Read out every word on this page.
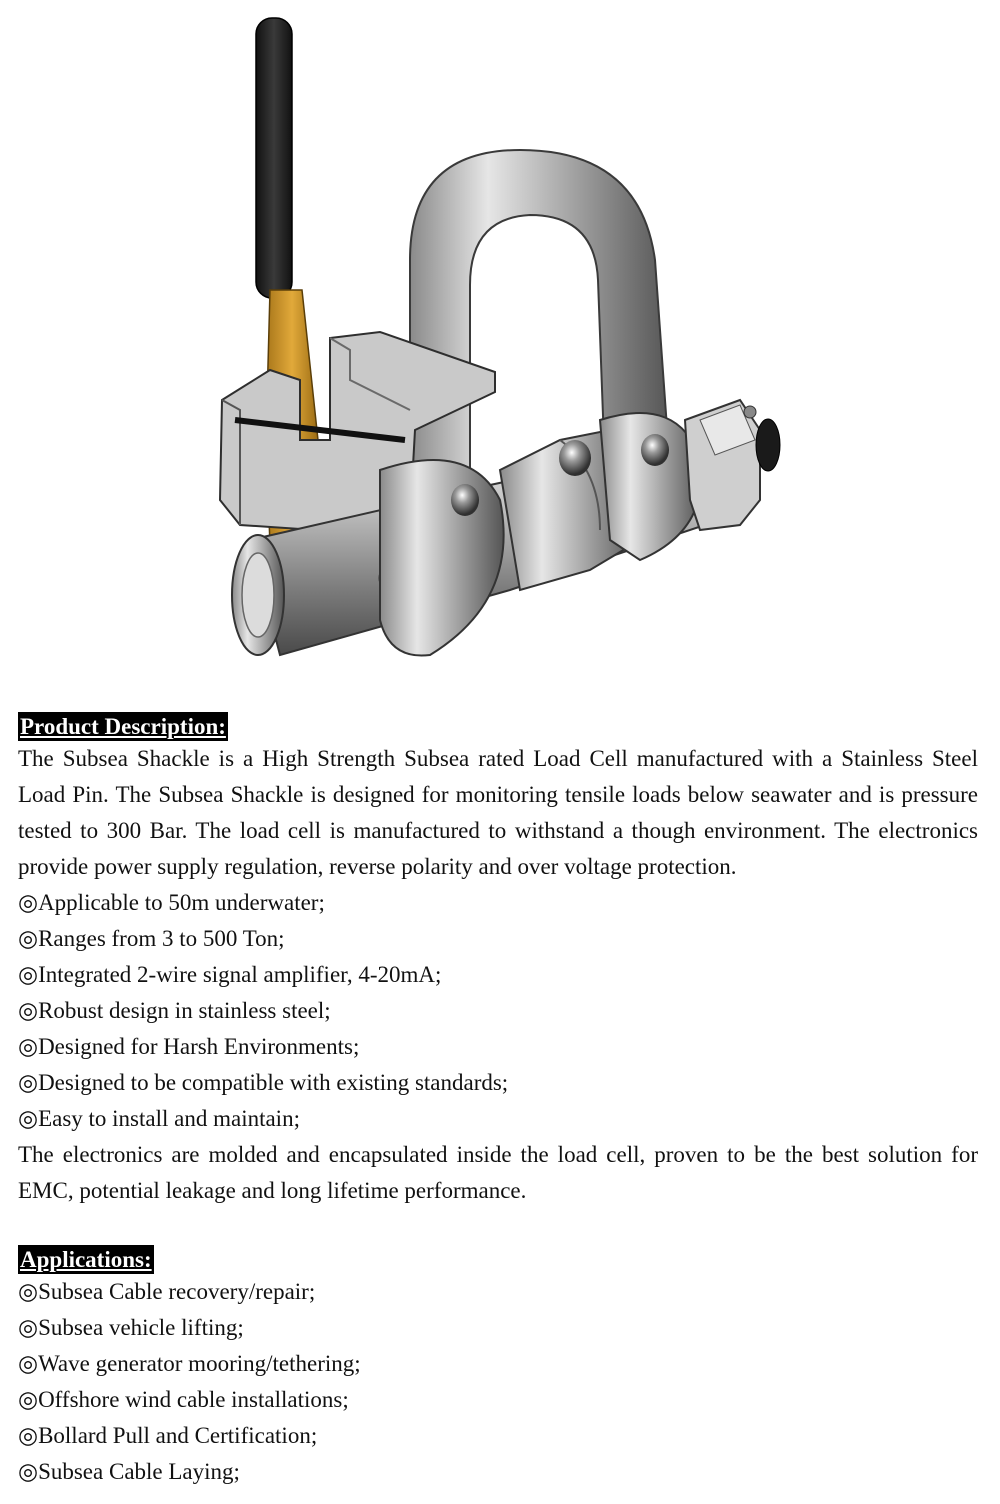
Product Description:

The Subsea Shackle is a High Strength Subsea rated Load Cell manufactured with a Stainless Steel Load Pin. The Subsea Shackle is designed for monitoring tensile loads below seawater and is pressure tested to 300 Bar. The load cell is manufactured to withstand a though environment. The electronics provide power supply regulation, reverse polarity and over voltage protection.

◎Applicable to 50m underwater;
◎Ranges from 3 to 500 Ton;
◎Integrated 2-wire signal amplifier, 4-20mA;
◎Robust design in stainless steel;
◎Designed for Harsh Environments;
◎Designed to be compatible with existing standards;
◎Easy to install and maintain;

The electronics are molded and encapsulated inside the load cell, proven to be the best solution for EMC, potential leakage and long lifetime performance.

Applications:
◎Subsea Cable recovery/repair;
◎Subsea vehicle lifting;
◎Wave generator mooring/tethering;
◎Offshore wind cable installations;
◎Bollard Pull and Certification;
◎Subsea Cable Laying;
